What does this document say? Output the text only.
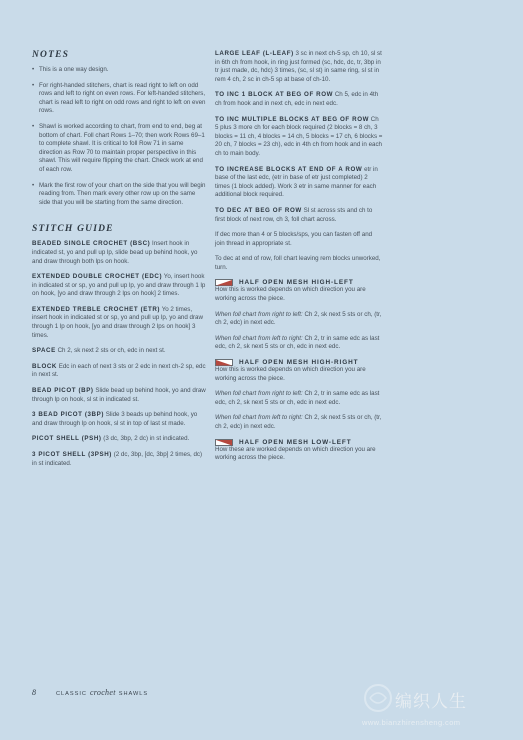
NOTES
• This is a one way design.
• For right-handed stitchers, chart is read right to left on odd rows and left to right on even rows. For left-handed stitchers, chart is read left to right on odd rows and right to left on even rows.
• Shawl is worked according to chart, from end to end, beg at bottom of chart. Foll chart Rows 1–70; then work Rows 69–1 to complete shawl. It is critical to foll Row 71 in same direction as Row 70 to maintain proper perspective in this shawl. This will require flipping the chart. Check work at end of each row.
• Mark the first row of your chart on the side that you will begin reading from. Then mark every other row up on the same side that you will be starting from the same direction.
STITCH GUIDE

BEADED SINGLE CROCHET (BSC) Insert hook in indicated st, yo and pull up lp, slide bead up behind hook, yo and draw through both lps on hook.

EXTENDED DOUBLE CROCHET (EDC) Yo, insert hook in indicated st or sp, yo and pull up lp, yo and draw through 1 lp on hook, [yo and draw through 2 lps on hook] 2 times.

EXTENDED TREBLE CROCHET (ETR) Yo 2 times, insert hook in indicated st or sp, yo and pull up lp, yo and draw through 1 lp on hook, [yo and draw through 2 lps on hook] 3 times.

SPACE Ch 2, sk next 2 sts or ch, edc in next st.

BLOCK Edc in each of next 3 sts or 2 edc in next ch-2 sp, edc in next st.

BEAD PICOT (BP) Slide bead up behind hook, yo and draw through lp on hook, sl st in indicated st.

3 BEAD PICOT (3BP) Slide 3 beads up behind hook, yo and draw through lp on hook, sl st in top of last st made.

PICOT SHELL (PSH) (3 dc, 3bp, 2 dc) in st indicated.

3 PICOT SHELL (3PSH) (2 dc, 3bp, [dc, 3bp] 2 times, dc) in st indicated.

LARGE LEAF (L-LEAF) 3 sc in next ch-5 sp, ch 10, sl st in 6th ch from hook, in ring just formed (sc, hdc, dc, tr, 3bp in tr just made, dc, hdc) 3 times, (sc, sl st) in same ring, sl st in rem 4 ch, 2 sc in ch-5 sp at base of ch-10.

TO INC 1 BLOCK AT BEG OF ROW Ch 5, edc in 4th ch from hook and in next ch, edc in next edc.

TO INC MULTIPLE BLOCKS AT BEG OF ROW Ch 5 plus 3 more ch for each block required (2 blocks = 8 ch, 3 blocks = 11 ch, 4 blocks = 14 ch, 5 blocks = 17 ch, 6 blocks = 20 ch, 7 blocks = 23 ch), edc in 4th ch from hook and in each ch to main body.

TO INCREASE BLOCKS AT END OF A ROW etr in base of the last edc, (etr in base of etr just completed) 2 times (1 block added). Work 3 etr in same manner for each additional block required.

TO DEC AT BEG OF ROW Sl st across sts and ch to first block of next row, ch 3, foll chart across.

If dec more than 4 or 5 blocks/sps, you can fasten off and join thread in appropriate st.

To dec at end of row, foll chart leaving rem blocks unworked, turn.

HALF OPEN MESH HIGH-LEFT

How this is worked depends on which direction you are working across the piece.

When foll chart from right to left: Ch 2, sk next 5 sts or ch, (tr, ch 2, edc) in next edc.

When foll chart from left to right: Ch 2, tr in same edc as last edc, ch 2, sk next 5 sts or ch, edc in next edc.

HALF OPEN MESH HIGH-RIGHT

How this is worked depends on which direction you are working across the piece.

When foll chart from right to left: Ch 2, tr in same edc as last edc, ch 2, sk next 5 sts or ch, edc in next edc.

When foll chart from left to right: Ch 2, sk next 5 sts or ch, (tr, ch 2, edc) in next edc.

HALF OPEN MESH LOW-LEFT

How these are worked depends on which direction you are working across the piece.

8	CLASSIC crochet SHAWLS	编织人生
www.bianzhirensheng.com
